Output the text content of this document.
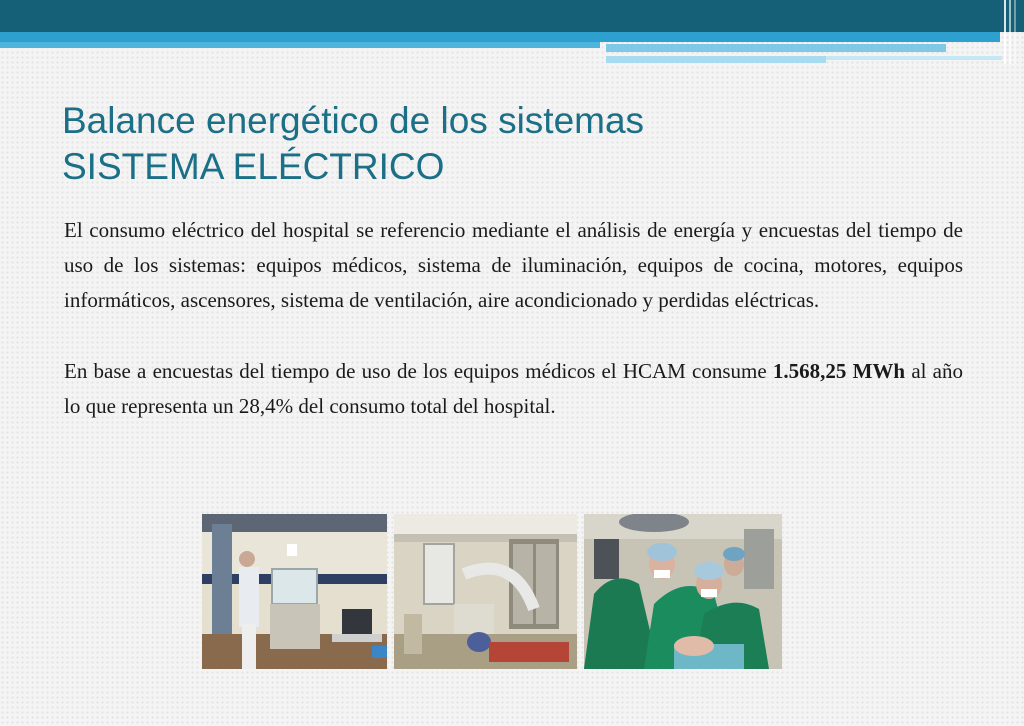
Balance energético de los sistemas
SISTEMA ELÉCTRICO

El consumo eléctrico del hospital se referencio mediante el análisis de energía y encuestas del tiempo de uso de los sistemas: equipos médicos, sistema de iluminación, equipos de cocina, motores, equipos informáticos, ascensores, sistema de ventilación, aire acondicionado y perdidas eléctricas.

En base a encuestas del tiempo de uso de los equipos médicos el HCAM consume 1.568,25 MWh al año lo que representa un 28,4% del consumo total del hospital.
